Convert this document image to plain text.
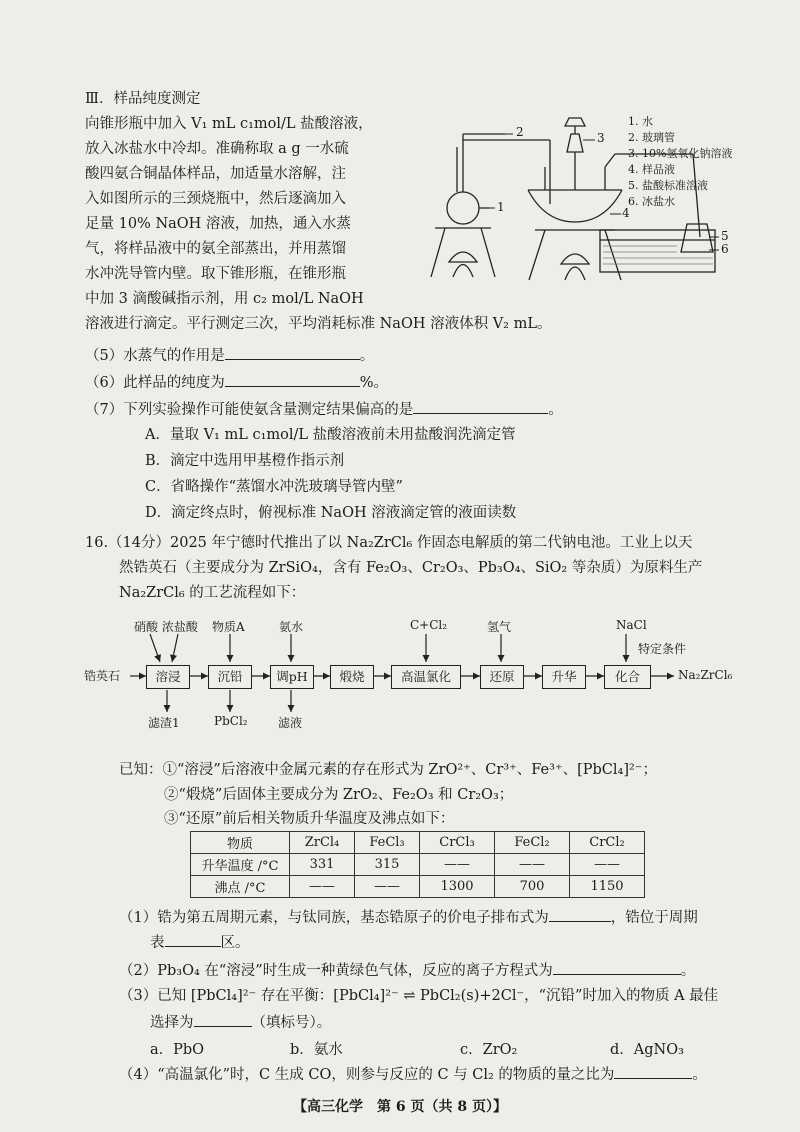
Ⅲ．样品纯度测定
向锥形瓶中加入 V₁ mL c₁mol/L 盐酸溶液，
放入冰盐水中冷却。准确称取 a g 一水硫
酸四氨合铜晶体样品，加适量水溶解，注
入如图所示的三颈烧瓶中，然后逐滴加入
足量 10% NaOH 溶液，加热，通入水蒸
气，将样品液中的氨全部蒸出，并用蒸馏
水冲洗导管内壁。取下锥形瓶，在锥形瓶
中加 3 滴酸碱指示剂，用 c₂ mol/L NaOH
溶液进行滴定。平行测定三次，平均消耗标准 NaOH 溶液体积 V₂ mL。
2	3
1	4
5
6
1. 水
2. 玻璃管
3. 10%氢氧化钠溶液
4. 样品液
5. 盐酸标准溶液
6. 冰盐水
（5）水蒸气的作用是	。
（6）此样品的纯度为	%。
（7）下列实验操作可能使氨含量测定结果偏高的是	。
A．量取 V₁ mL c₁mol/L 盐酸溶液前未用盐酸润洗滴定管
B．滴定中选用甲基橙作指示剂
C．省略操作“蒸馏水冲洗玻璃导管内壁”
D．滴定终点时，俯视标准 NaOH 溶液滴定管的液面读数
16.（14分）2025 年宁德时代推出了以 Na₂ZrCl₆ 作固态电解质的第二代钠电池。工业上以天
然锆英石（主要成分为 ZrSiO₄，含有 Fe₂O₃、Cr₂O₃、Pb₃O₄、SiO₂ 等杂质）为原料生产
Na₂ZrCl₆ 的工艺流程如下：
锆英石	溶浸	沉铅	调pH	煅烧	高温氯化	还原	升华	化合	Na₂ZrCl₆
硝酸 浓盐酸 物质A	氨水	C+Cl₂	氢气	NaCl
特定条件
滤渣1	PbCl₂	滤液
已知：①“溶浸”后溶液中金属元素的存在形式为 ZrO²⁺、Cr³⁺、Fe³⁺、[PbCl₄]²⁻；
②“煅烧”后固体主要成分为 ZrO₂、Fe₂O₃ 和 Cr₂O₃；
③“还原”前后相关物质升华温度及沸点如下：
物质	ZrCl₄	FeCl₃	CrCl₃	FeCl₂	CrCl₂
升华温度 /°C	331	315	——	——	——
沸点 /°C	——	——	1300	700	1150
（1）锆为第五周期元素，与钛同族，基态锆原子的价电子排布式为	，锆位于周期
表	区。
（2）Pb₃O₄ 在“溶浸”时生成一种黄绿色气体，反应的离子方程式为	。
（3）已知 [PbCl₄]²⁻ 存在平衡：[PbCl₄]²⁻ ⇌ PbCl₂(s)+2Cl⁻，“沉铅”时加入的物质 A 最佳
选择为	（填标号）。
a．PbO	b．氨水	c．ZrO₂	d．AgNO₃
（4）“高温氯化”时，C 生成 CO，则参与反应的 C 与 Cl₂ 的物质的量之比为	。
【高三化学　第 6 页（共 8 页）】
